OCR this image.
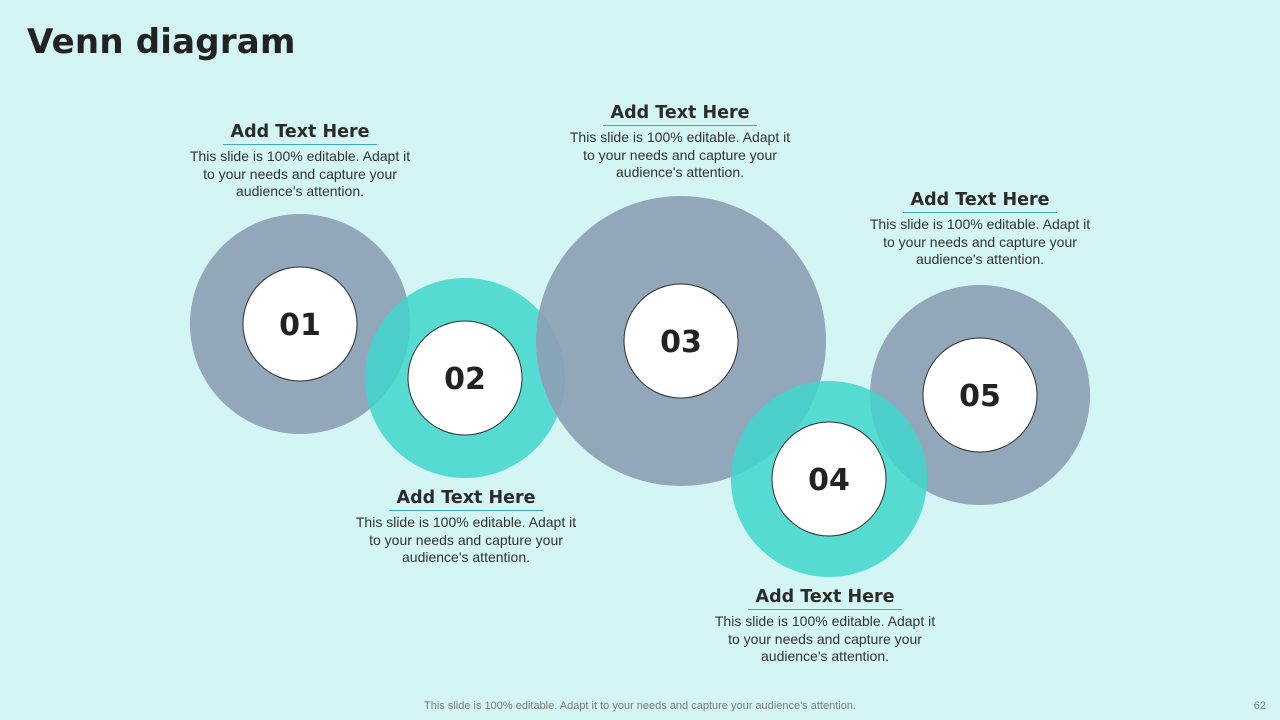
Venn diagram
01
02
03
04
05
Add Text Here
This slide is 100% editable. Adapt it to your needs and capture your audience's attention.
Add Text Here
This slide is 100% editable. Adapt it to your needs and capture your audience's attention.
Add Text Here
This slide is 100% editable. Adapt it to your needs and capture your audience's attention.
Add Text Here
This slide is 100% editable. Adapt it to your needs and capture your audience's attention.
Add Text Here
This slide is 100% editable. Adapt it to your needs and capture your audience's attention.
This slide is 100% editable. Adapt it to your needs and capture your audience's attention.	62
